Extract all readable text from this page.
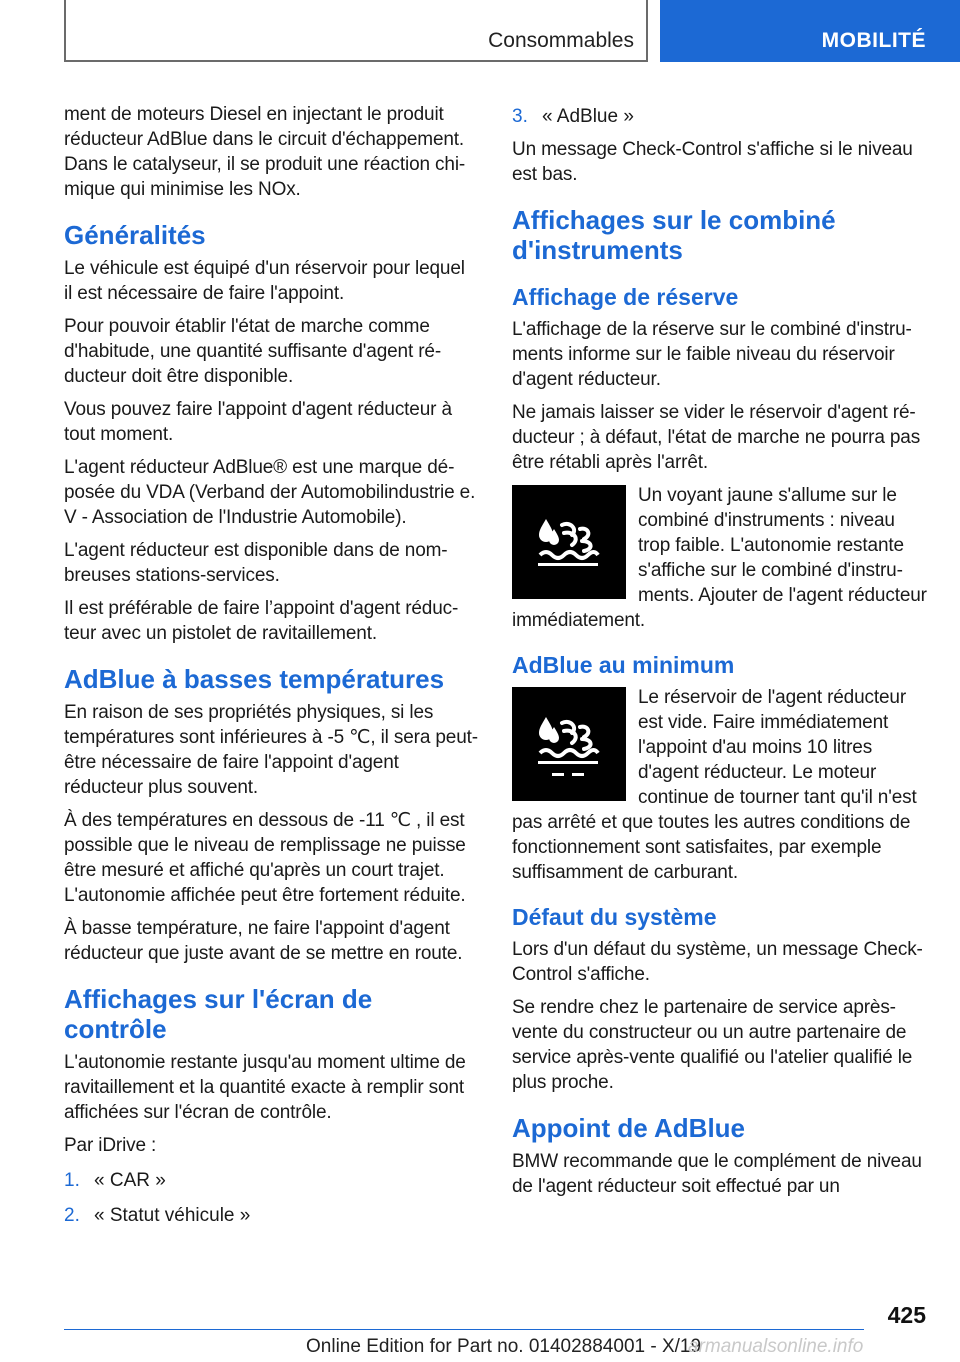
Consommables	MOBILITÉ

ment de moteurs Diesel en injectant le produit réducteur AdBlue dans le circuit d'échappement. Dans le catalyseur, il se produit une réaction chimique qui minimise les NOx.

Généralités

Le véhicule est équipé d'un réservoir pour lequel il est nécessaire de faire l'appoint.

Pour pouvoir établir l'état de marche comme d'habitude, une quantité suffisante d'agent réducteur doit être disponible.

Vous pouvez faire l'appoint d'agent réducteur à tout moment.

L'agent réducteur AdBlue® est une marque déposée du VDA (Verband der Automobilindustrie e. V - Association de l'Industrie Automobile).

L'agent réducteur est disponible dans de nombreuses stations-services.

Il est préférable de faire l’appoint d'agent réducteur avec un pistolet de ravitaillement.

AdBlue à basses températures

En raison de ses propriétés physiques, si les températures sont inférieures à -5 ℃, il sera peut-être nécessaire de faire l'appoint d'agent réducteur plus souvent.

À des températures en dessous de -11 ℃ , il est possible que le niveau de remplissage ne puisse être mesuré et affiché qu'après un court trajet. L'autonomie affichée peut être fortement réduite.

À basse température, ne faire l'appoint d'agent réducteur que juste avant de se mettre en route.

Affichages sur l'écran de contrôle

L'autonomie restante jusqu'au moment ultime de ravitaillement et la quantité exacte à remplir sont affichées sur l'écran de contrôle.

Par iDrive :

1. « CAR »
2. « Statut véhicule »
3. « AdBlue »

Un message Check-Control s'affiche si le niveau est bas.

Affichages sur le combiné d'instruments
Affichage de réserve

L'affichage de la réserve sur le combiné d'instruments informe sur le faible niveau du réservoir d'agent réducteur.

Ne jamais laisser se vider le réservoir d'agent réducteur ; à défaut, l'état de marche ne pourra pas être rétabli après l'arrêt.

Un voyant jaune s'allume sur le combiné d'instruments : niveau trop faible. L'autonomie restante s'affiche sur le combiné d'instruments. Ajouter de l'agent réducteur immédiatement.

AdBlue au minimum

Le réservoir de l'agent réducteur est vide. Faire immédiatement l'appoint d'au moins 10 litres d'agent réducteur. Le moteur continue de tourner tant qu'il n'est pas arrêté et que toutes les autres conditions de fonctionnement sont satisfaites, par exemple suffisamment de carburant.

Défaut du système

Lors d'un défaut du système, un message Check-Control s'affiche.

Se rendre chez le partenaire de service après-vente du constructeur ou un autre partenaire de service après-vente qualifié ou l'atelier qualifié le plus proche.

Appoint de AdBlue

BMW recommande que le complément de niveau de l'agent réducteur soit effectué par un

425
Online Edition for Part no. 01402884001 - X/19
armanualsonline.info
